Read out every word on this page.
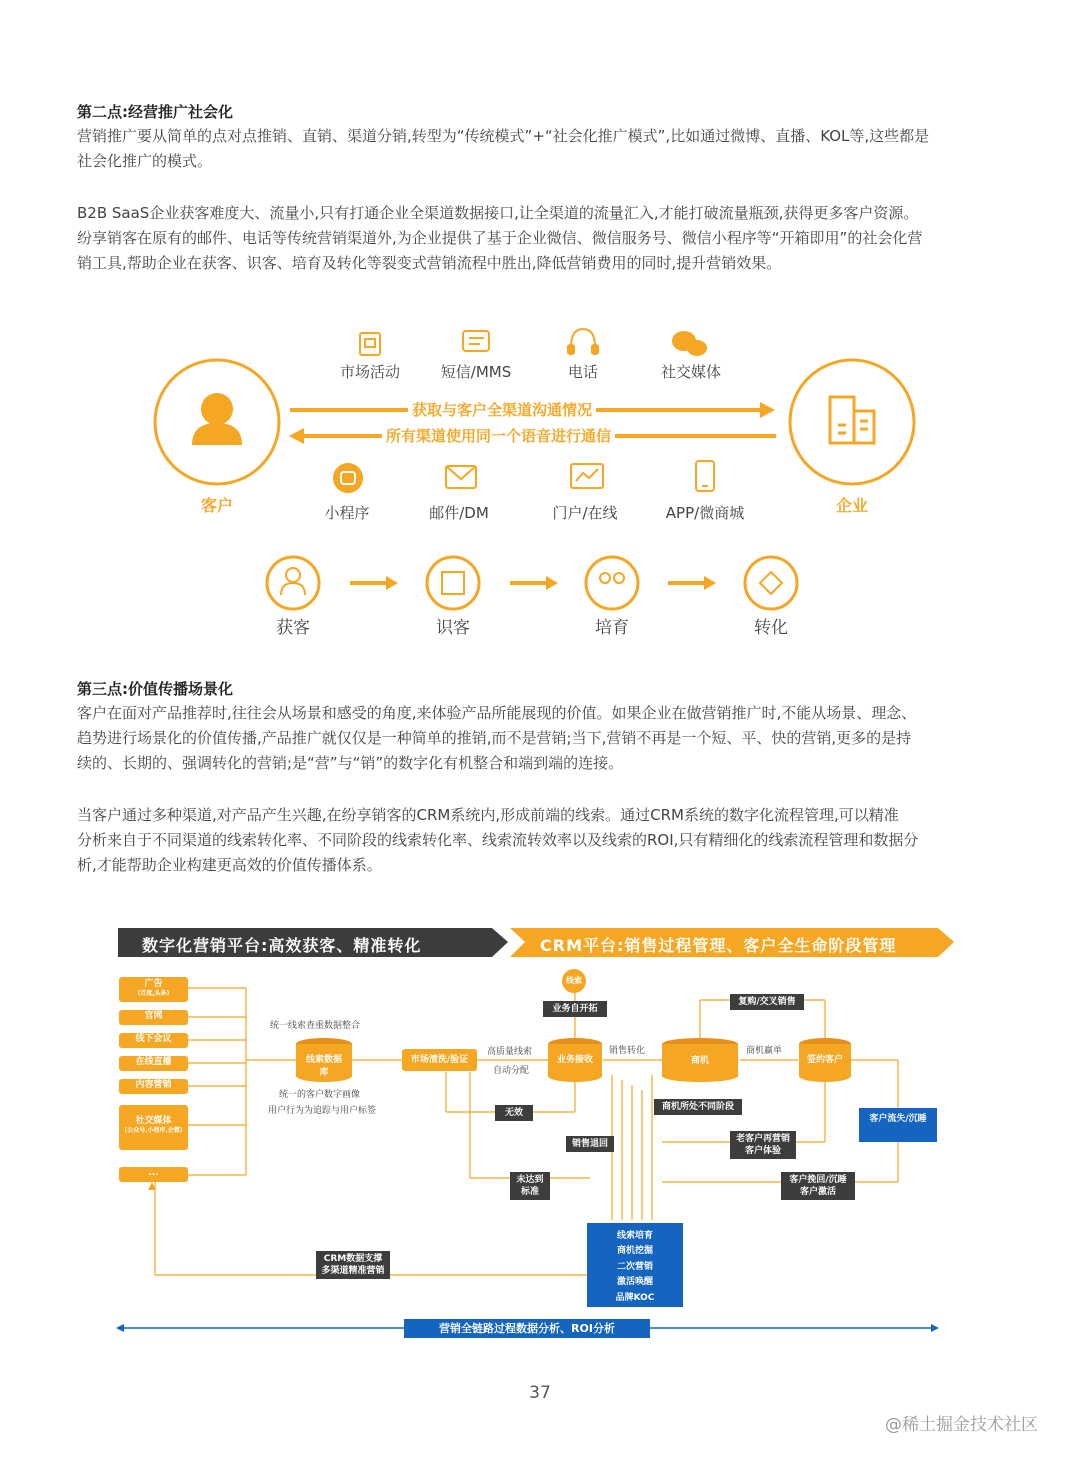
第二点:经营推广社会化
营销推广要从简单的点对点推销、直销、渠道分销,转型为“传统模式”+“社会化推广模式”,比如通过微博、直播、KOL等,这些都是
社会化推广的模式。
B2B SaaS企业获客难度大、流量小,只有打通企业全渠道数据接口,让全渠道的流量汇入,才能打破流量瓶颈,获得更多客户资源。
纷享销客在原有的邮件、电话等传统营销渠道外,为企业提供了基于企业微信、微信服务号、微信小程序等“开箱即用”的社会化营
销工具,帮助企业在获客、识客、培育及转化等裂变式营销流程中胜出,降低营销费用的同时,提升营销效果。
获取与客户全渠道沟通情况
所有渠道使用同一个语音进行通信
客户	企业
市场活动	短信/MMS	电话	社交媒体
小程序	邮件/DM	门户/在线	APP/微商城
获客	识客	培育	转化
第三点:价值传播场景化
客户在面对产品推荐时,往往会从场景和感受的角度,来体验产品所能展现的价值。如果企业在做营销推广时,不能从场景、理念、
趋势进行场景化的价值传播,产品推广就仅仅是一种简单的推销,而不是营销;当下,营销不再是一个短、平、快的营销,更多的是持
续的、长期的、强调转化的营销;是“营”与“销”的数字化有机整合和端到端的连接。
当客户通过多种渠道,对产品产生兴趣,在纷享销客的CRM系统内,形成前端的线索。通过CRM系统的数字化流程管理,可以精准
分析来自于不同渠道的线索转化率、不同阶段的线索转化率、线索流转效率以及线索的ROI,只有精细化的线索流程管理和数据分
析,才能帮助企业构建更高效的价值传播体系。
数字化营销平台:高效获客、精准转化	CRM平台:销售过程管理、客户全生命阶段管理
广告
(百度,头条)
官网
线下会议
在线直播
内容营销
社交媒体
(公众号,小程序,企微)
...
统一线索查重数据整合
线索数据库
统一的客户数字画像
用户行为为追踪与用户标签
市场清洗/验证
高质量线索
自动分配
线索
业务自开拓
业务接收
销售转化
商机
商机赢单
复购/交叉销售
签约客户
无效
销售退回
商机所处不同阶段
老客户再营销客户体验
未达到标准
客户挽回/沉睡客户激活
客户流失/沉睡
线索培育
商机挖掘
二次营销
激活唤醒
品牌KOC
CRM数据支撑多渠道精准营销
营销全链路过程数据分析、ROI分析
37
@稀土掘金技术社区
